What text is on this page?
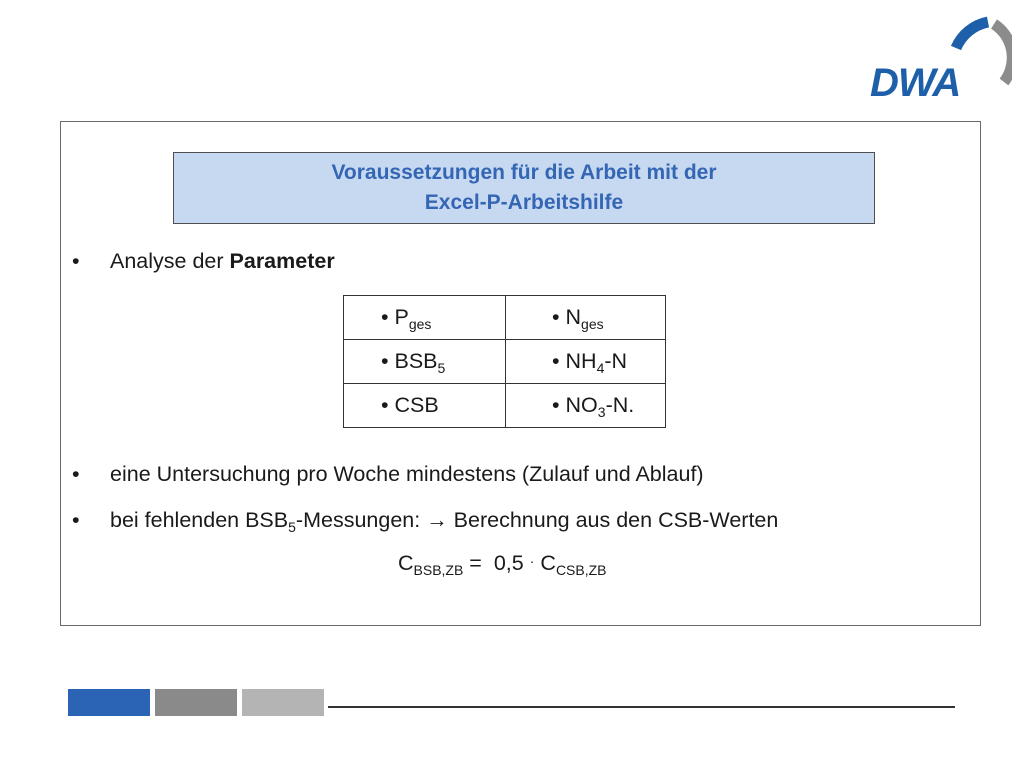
DWA
Voraussetzungen für die Arbeit mit der
Excel-P-Arbeitshilfe
• Analyse der Parameter
• $P_{ges}$	• $N_{ges}$
• $BSB_5$	• $NH_4-N$
• CSB	• $NO_3-N$.
• eine Untersuchung pro Woche mindestens (Zulauf und Ablauf)
• bei fehlenden $BSB_5$-Messungen: → Berechnung aus den CSB-Werten
$C_{BSB,ZB} = 0,5 \cdot C_{CSB,ZB}$
